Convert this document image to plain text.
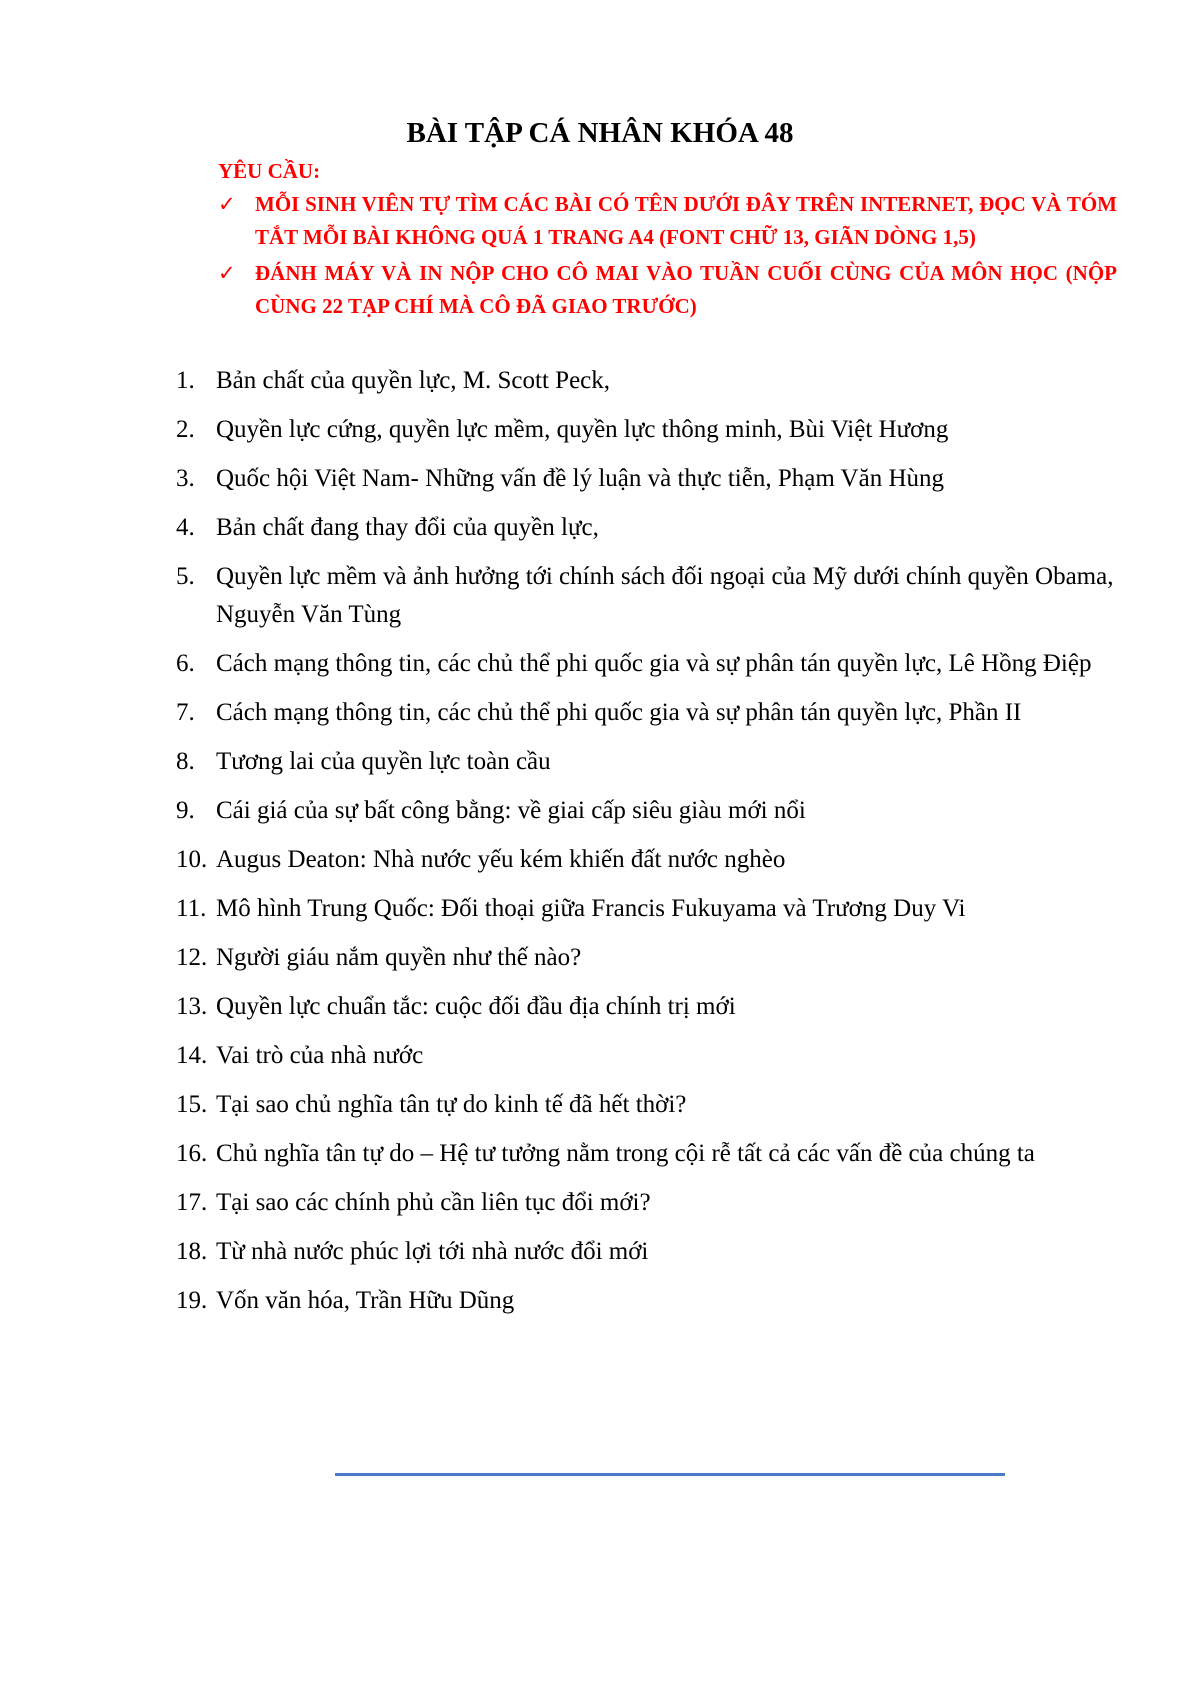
BÀI TẬP CÁ NHÂN KHÓA 48
YÊU CẦU:
✓ MỖI SINH VIÊN TỰ TÌM CÁC BÀI CÓ TÊN DƯỚI ĐÂY TRÊN INTERNET, ĐỌC VÀ TÓM TẮT MỖI BÀI KHÔNG QUÁ 1 TRANG A4 (FONT CHỮ 13, GIÃN DÒNG 1,5)
✓ ĐÁNH MÁY VÀ IN NỘP CHO CÔ MAI VÀO TUẦN CUỐI CÙNG CỦA MÔN HỌC (NỘP CÙNG 22 TẠP CHÍ MÀ CÔ ĐÃ GIAO TRƯỚC)
1. Bản chất của quyền lực, M. Scott Peck,
2. Quyền lực cứng, quyền lực mềm, quyền lực thông minh, Bùi Việt Hương
3. Quốc hội Việt Nam- Những vấn đề lý luận và thực tiễn, Phạm Văn Hùng
4. Bản chất đang thay đổi của quyền lực,
5. Quyền lực mềm và ảnh hưởng tới chính sách đối ngoại của Mỹ dưới chính quyền Obama, Nguyễn Văn Tùng
6. Cách mạng thông tin, các chủ thể phi quốc gia và sự phân tán quyền lực, Lê Hồng Điệp
7. Cách mạng thông tin, các chủ thể phi quốc gia và sự phân tán quyền lực, Phần II
8. Tương lai của quyền lực toàn cầu
9. Cái giá của sự bất công bằng: về giai cấp siêu giàu mới nổi
10. Augus Deaton: Nhà nước yếu kém khiến đất nước nghèo
11. Mô hình Trung Quốc: Đối thoại giữa Francis Fukuyama và Trương Duy Vi
12. Người giáu nắm quyền như thế nào?
13. Quyền lực chuẩn tắc: cuộc đối đầu địa chính trị mới
14. Vai trò của nhà nước
15. Tại sao chủ nghĩa tân tự do kinh tế đã hết thời?
16. Chủ nghĩa tân tự do – Hệ tư tưởng nằm trong cội rễ tất cả các vấn đề của chúng ta
17. Tại sao các chính phủ cần liên tục đổi mới?
18. Từ nhà nước phúc lợi tới nhà nước đổi mới
19. Vốn văn hóa, Trần Hữu Dũng
